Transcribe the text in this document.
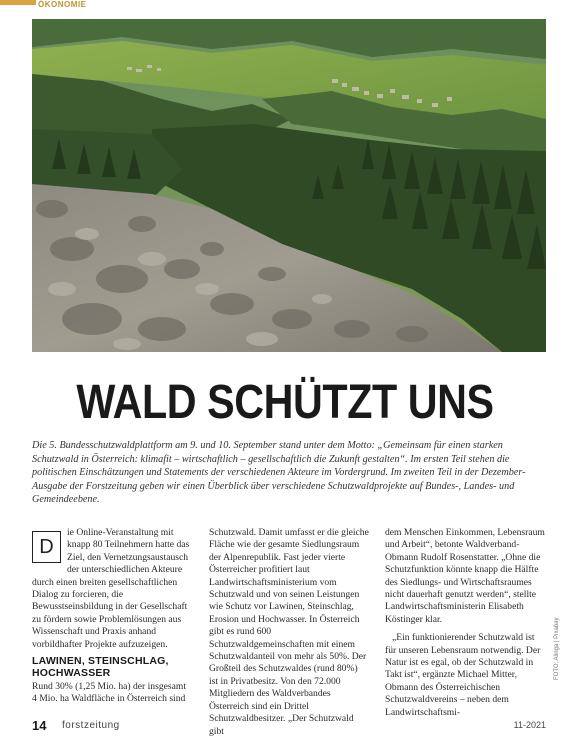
ÖKONOMIE
WALD SCHÜTZT UNS
Die 5. Bundesschutzwaldplattform am 9. und 10. September stand unter dem Motto: „Gemeinsam für einen starken Schutzwald in Österreich: klimafit – wirtschaftlich – gesellschaftlich die Zukunft gestalten“. Im ersten Teil stehen die politischen Einschätzungen und Statements der verschiedenen Akteure im Vordergrund. Im zweiten Teil in der Dezember-Ausgabe der Forstzeitung geben wir einen Überblick über verschiedene Schutzwaldprojekte auf Bundes-, Landes- und Gemeindeebene.
D

ie Online-Veranstaltung mit knapp 80 Teilnehmern hatte das Ziel, den Vernetzungsaustausch der unterschiedlichen Akteure durch einen breiten gesellschaftlichen Dialog zu forcieren, die Bewusstseinsbildung in der Gesellschaft zu fördern sowie Problemlösungen aus Wissenschaft und Praxis anhand vorbildhafter Projekte aufzuzeigen.

LAWINEN, STEINSCHLAG, HOCHWASSER

Rund 30% (1,25 Mio. ha) der insgesamt 4 Mio. ha Waldfläche in Österreich sind

Schutzwald. Damit umfasst er die gleiche Fläche wie der gesamte Siedlungsraum der Alpenrepublik. Fast jeder vierte Österreicher profitiert laut Landwirtschaftsministerium vom Schutzwald und von seinen Leistungen wie Schutz vor Lawinen, Steinschlag, Erosion und Hochwasser. In Österreich gibt es rund 600 Schutzwaldgemeinschaften mit einem Schutzwaldanteil von mehr als 50%. Der Großteil des Schutzwaldes (rund 80%) ist in Privatbesitz. Von den 72.000 Mitgliedern des Waldverbandes Österreich sind ein Drittel Schutzwaldbesitzer. „Der Schutzwald gibt

dem Menschen Einkommen, Lebensraum und Arbeit“, betonte Waldverband-Obmann Rudolf Rosenstatter. „Ohne die Schutzfunktion könnte knapp die Hälfte des Siedlungs- und Wirtschaftsraumes nicht dauerhaft genutzt werden“, stellte Landwirtschaftsministerin Elisabeth Köstinger klar.

„Ein funktionierender Schutzwald ist für unseren Lebensraum notwendig. Der Natur ist es egal, ob der Schutzwald in Takt ist“, ergänzte Michael Mitter, Obmann des Österreichischen Schutzwaldvereins – neben dem Landwirtschaftsmi-

FOTO: Alinga | Pixabay
14 forstzeitung	11-2021
